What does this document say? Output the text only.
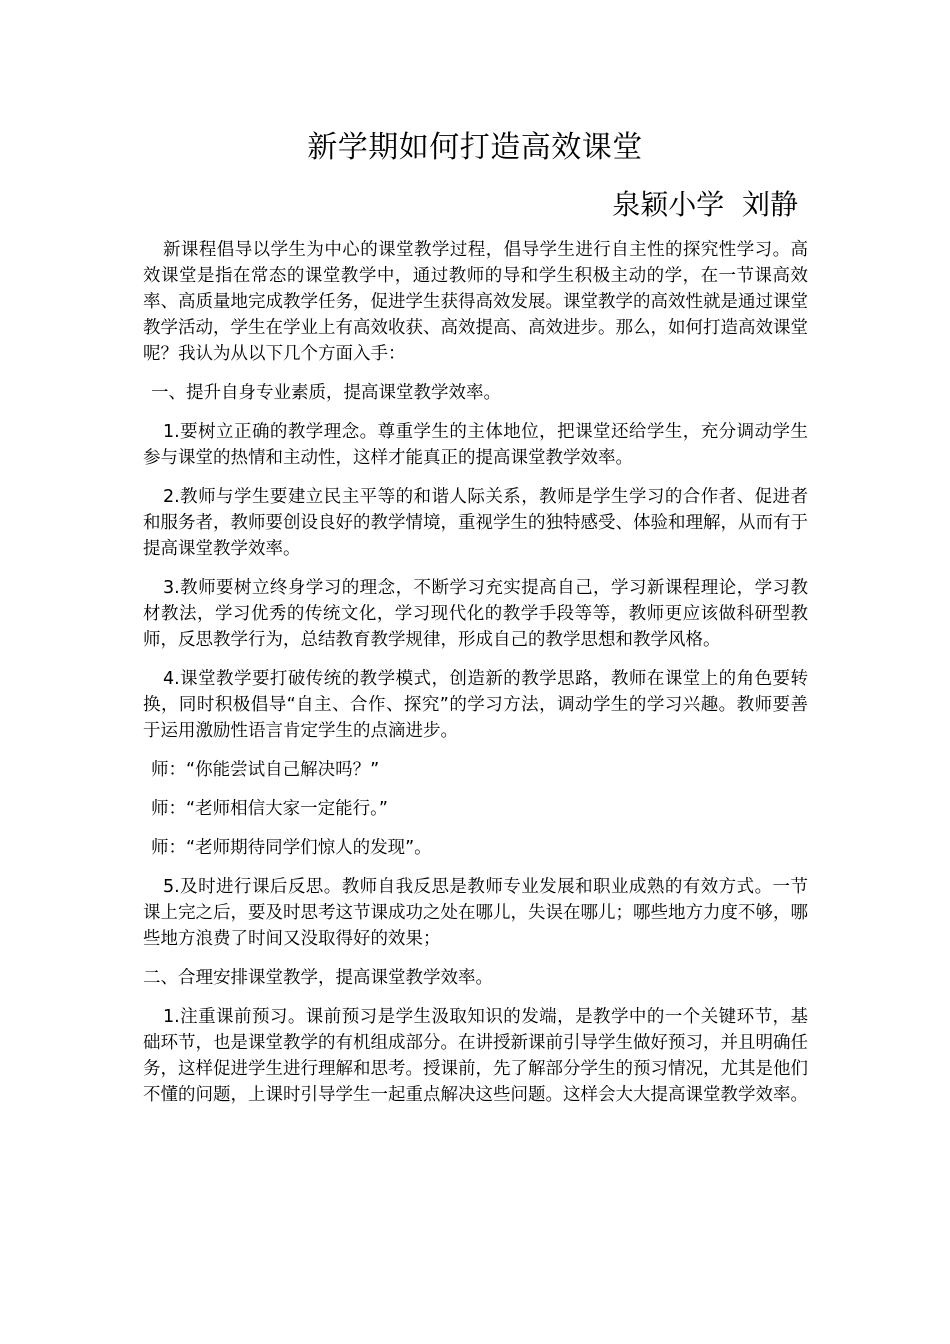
新学期如何打造高效课堂
泉颖小学  刘静

新课程倡导以学生为中心的课堂教学过程，倡导学生进行自主性的探究性学习。高效课堂是指在常态的课堂教学中，通过教师的导和学生积极主动的学，在一节课高效率、高质量地完成教学任务，促进学生获得高效发展。课堂教学的高效性就是通过课堂教学活动，学生在学业上有高效收获、高效提高、高效进步。那么，如何打造高效课堂呢？我认为从以下几个方面入手：

一、提升自身专业素质，提高课堂教学效率。

1.要树立正确的教学理念。尊重学生的主体地位，把课堂还给学生，充分调动学生参与课堂的热情和主动性，这样才能真正的提高课堂教学效率。

2.教师与学生要建立民主平等的和谐人际关系，教师是学生学习的合作者、促进者和服务者，教师要创设良好的教学情境，重视学生的独特感受、体验和理解，从而有于提高课堂教学效率。

3.教师要树立终身学习的理念，不断学习充实提高自己，学习新课程理论，学习教材教法，学习优秀的传统文化，学习现代化的教学手段等等，教师更应该做科研型教师，反思教学行为，总结教育教学规律，形成自己的教学思想和教学风格。

4.课堂教学要打破传统的教学模式，创造新的教学思路，教师在课堂上的角色要转换，同时积极倡导“自主、合作、探究”的学习方法，调动学生的学习兴趣。教师要善于运用激励性语言肯定学生的点滴进步。

师：“你能尝试自己解决吗？”

师：“老师相信大家一定能行。”

师：“老师期待同学们惊人的发现”。

5.及时进行课后反思。教师自我反思是教师专业发展和职业成熟的有效方式。一节课上完之后，要及时思考这节课成功之处在哪儿，失误在哪儿；哪些地方力度不够，哪些地方浪费了时间又没取得好的效果；

二、合理安排课堂教学，提高课堂教学效率。

1.注重课前预习。课前预习是学生汲取知识的发端，是教学中的一个关键环节，基础环节，也是课堂教学的有机组成部分。在讲授新课前引导学生做好预习，并且明确任务，这样促进学生进行理解和思考。授课前，先了解部分学生的预习情况，尤其是他们不懂的问题，上课时引导学生一起重点解决这些问题。这样会大大提高课堂教学效率。
